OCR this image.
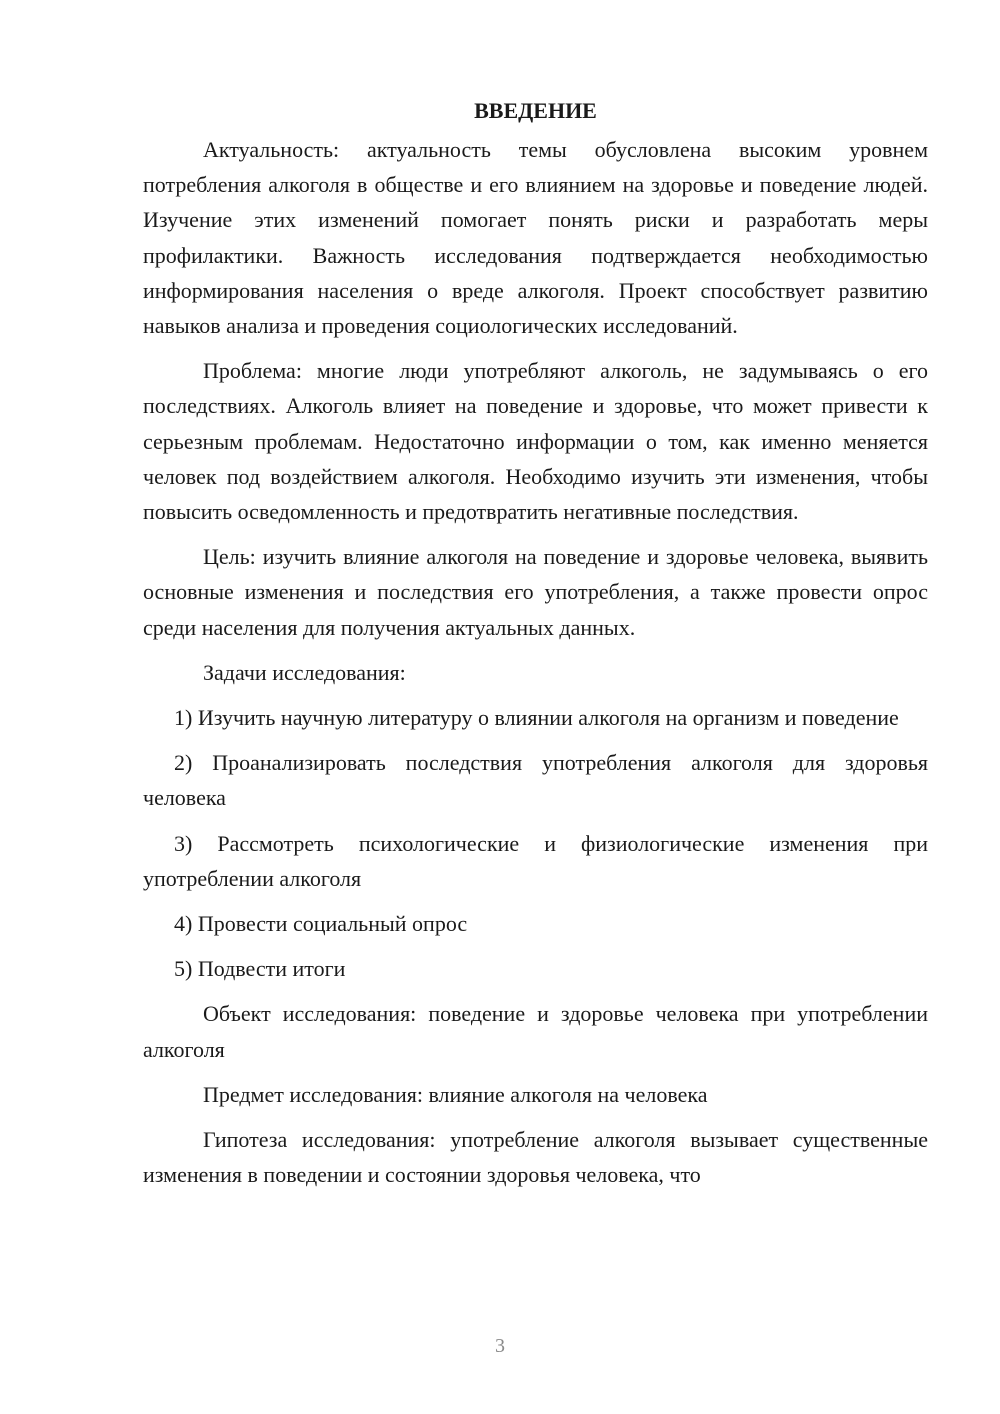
ВВЕДЕНИЕ

Актуальность: актуальность темы обусловлена высоким уровнем потребления алкоголя в обществе и его влиянием на здоровье и поведение людей. Изучение этих изменений помогает понять риски и разработать меры профилактики. Важность исследования подтверждается необходимостью информирования населения о вреде алкоголя. Проект способствует развитию навыков анализа и проведения социологических исследований.

Проблема: многие люди употребляют алкоголь, не задумываясь о его последствиях. Алкоголь влияет на поведение и здоровье, что может привести к серьезным проблемам. Недостаточно информации о том, как именно меняется человек под воздействием алкоголя. Необходимо изучить эти изменения, чтобы повысить осведомленность и предотвратить негативные последствия.

Цель: изучить влияние алкоголя на поведение и здоровье человека, выявить основные изменения и последствия его употребления, а также провести опрос среди населения для получения актуальных данных.

Задачи исследования:

1) Изучить научную литературу о влиянии алкоголя на организм и поведение

2) Проанализировать последствия употребления алкоголя для здоровья человека

3) Рассмотреть психологические и физиологические изменения при употреблении алкоголя

4) Провести социальный опрос

5) Подвести итоги

Объект исследования: поведение и здоровье человека при употреблении алкоголя

Предмет исследования: влияние алкоголя на человека

Гипотеза исследования: употребление алкоголя вызывает существенные изменения в поведении и состоянии здоровья человека, что

3
